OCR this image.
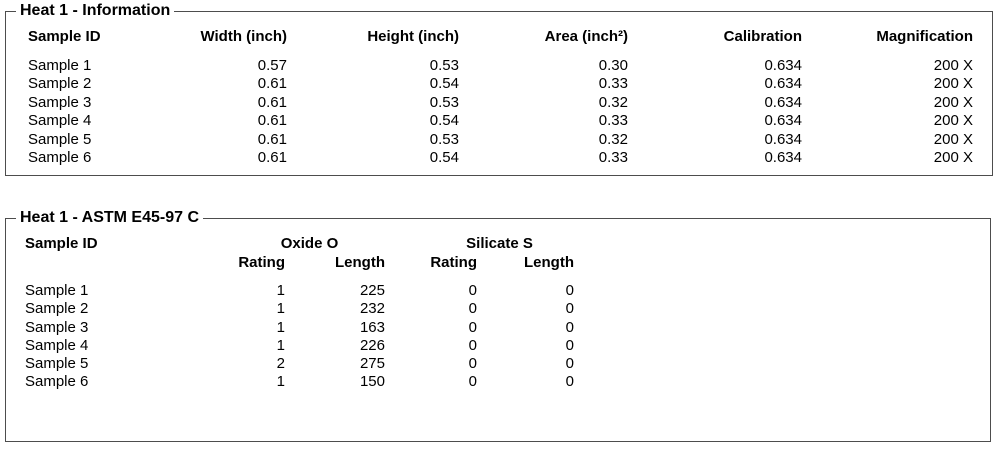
Heat 1 - Information
Sample ID	Width (inch)	Height (inch)	Area (inch²)	Calibration	Magnification	
Sample 1	0.57	0.53	0.30	0.634	200 X	
Sample 2	0.61	0.54	0.33	0.634	200 X	
Sample 3	0.61	0.53	0.32	0.634	200 X	
Sample 4	0.61	0.54	0.33	0.634	200 X	
Sample 5	0.61	0.53	0.32	0.634	200 X	
Sample 6	0.61	0.54	0.33	0.634	200 X	
Heat 1 - ASTM E45-97 C
Sample ID	Oxide O		Silicate S		
	Rating	Length	Rating	Length	

Sample 1	1	225	0	0	
Sample 2	1	232	0	0	
Sample 3	1	163	0	0	
Sample 4	1	226	0	0	
Sample 5	2	275	0	0	
Sample 6	1	150	0	0	
